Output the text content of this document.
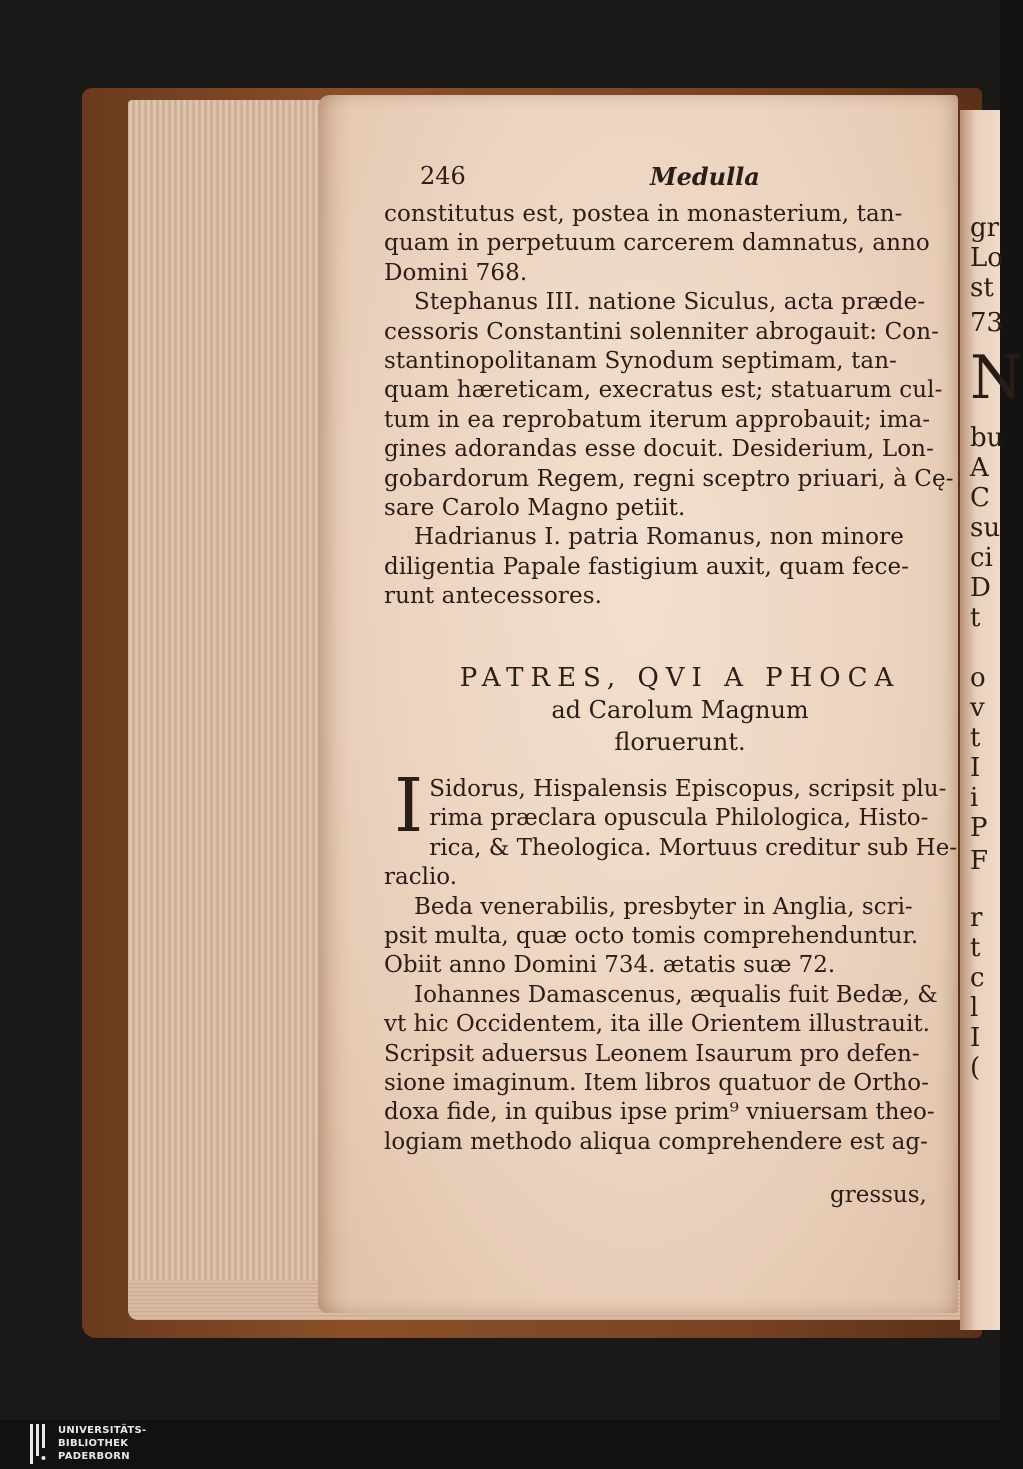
246	Medulla
constitutus est, postea in monasterium, tan-
quam in perpetuum carcerem damnatus, anno
Domini 768.
Stephanus III. natione Siculus, acta præde-
cessoris Constantini solenniter abrogauit: Con-
stantinopolitanam Synodum septimam, tan-
quam hæreticam, execratus est; statuarum cul-
tum in ea reprobatum iterum approbauit; ima-
gines adorandas esse docuit. Desiderium, Lon-
gobardorum Regem, regni sceptro priuari, à Cę-
sare Carolo Magno petiit.
Hadrianus I. patria Romanus, non minore
diligentia Papale fastigium auxit, quam fece-
runt antecessores.
PATRES, QVI A PHOCA
ad Carolum Magnum
floruerunt.
I Sidorus, Hispalensis Episcopus, scripsit plu-
rima præclara opuscula Philologica, Histo-
rica, & Theologica. Mortuus creditur sub He-
raclio.
Beda venerabilis, presbyter in Anglia, scri-
psit multa, quæ octo tomis comprehenduntur.
Obiit anno Domini 734. ætatis suæ 72.
Iohannes Damascenus, æqualis fuit Bedæ, &
vt hic Occidentem, ita ille Orientem illustrauit.
Scripsit aduersus Leonem Isaurum pro defen-
sione imaginum. Item libros quatuor de Ortho-
doxa fide, in quibus ipse prim⁹ vniuersam theo-
logiam methodo aliqua comprehendere est ag-
gressus,
gr
Lo
st
73
N
bu
A
C
su
ci
D
t
o
v
t
I
i
P
F
r
t
c
l
I
(
UNIVERSITÄTS-
BIBLIOTHEK
PADERBORN
